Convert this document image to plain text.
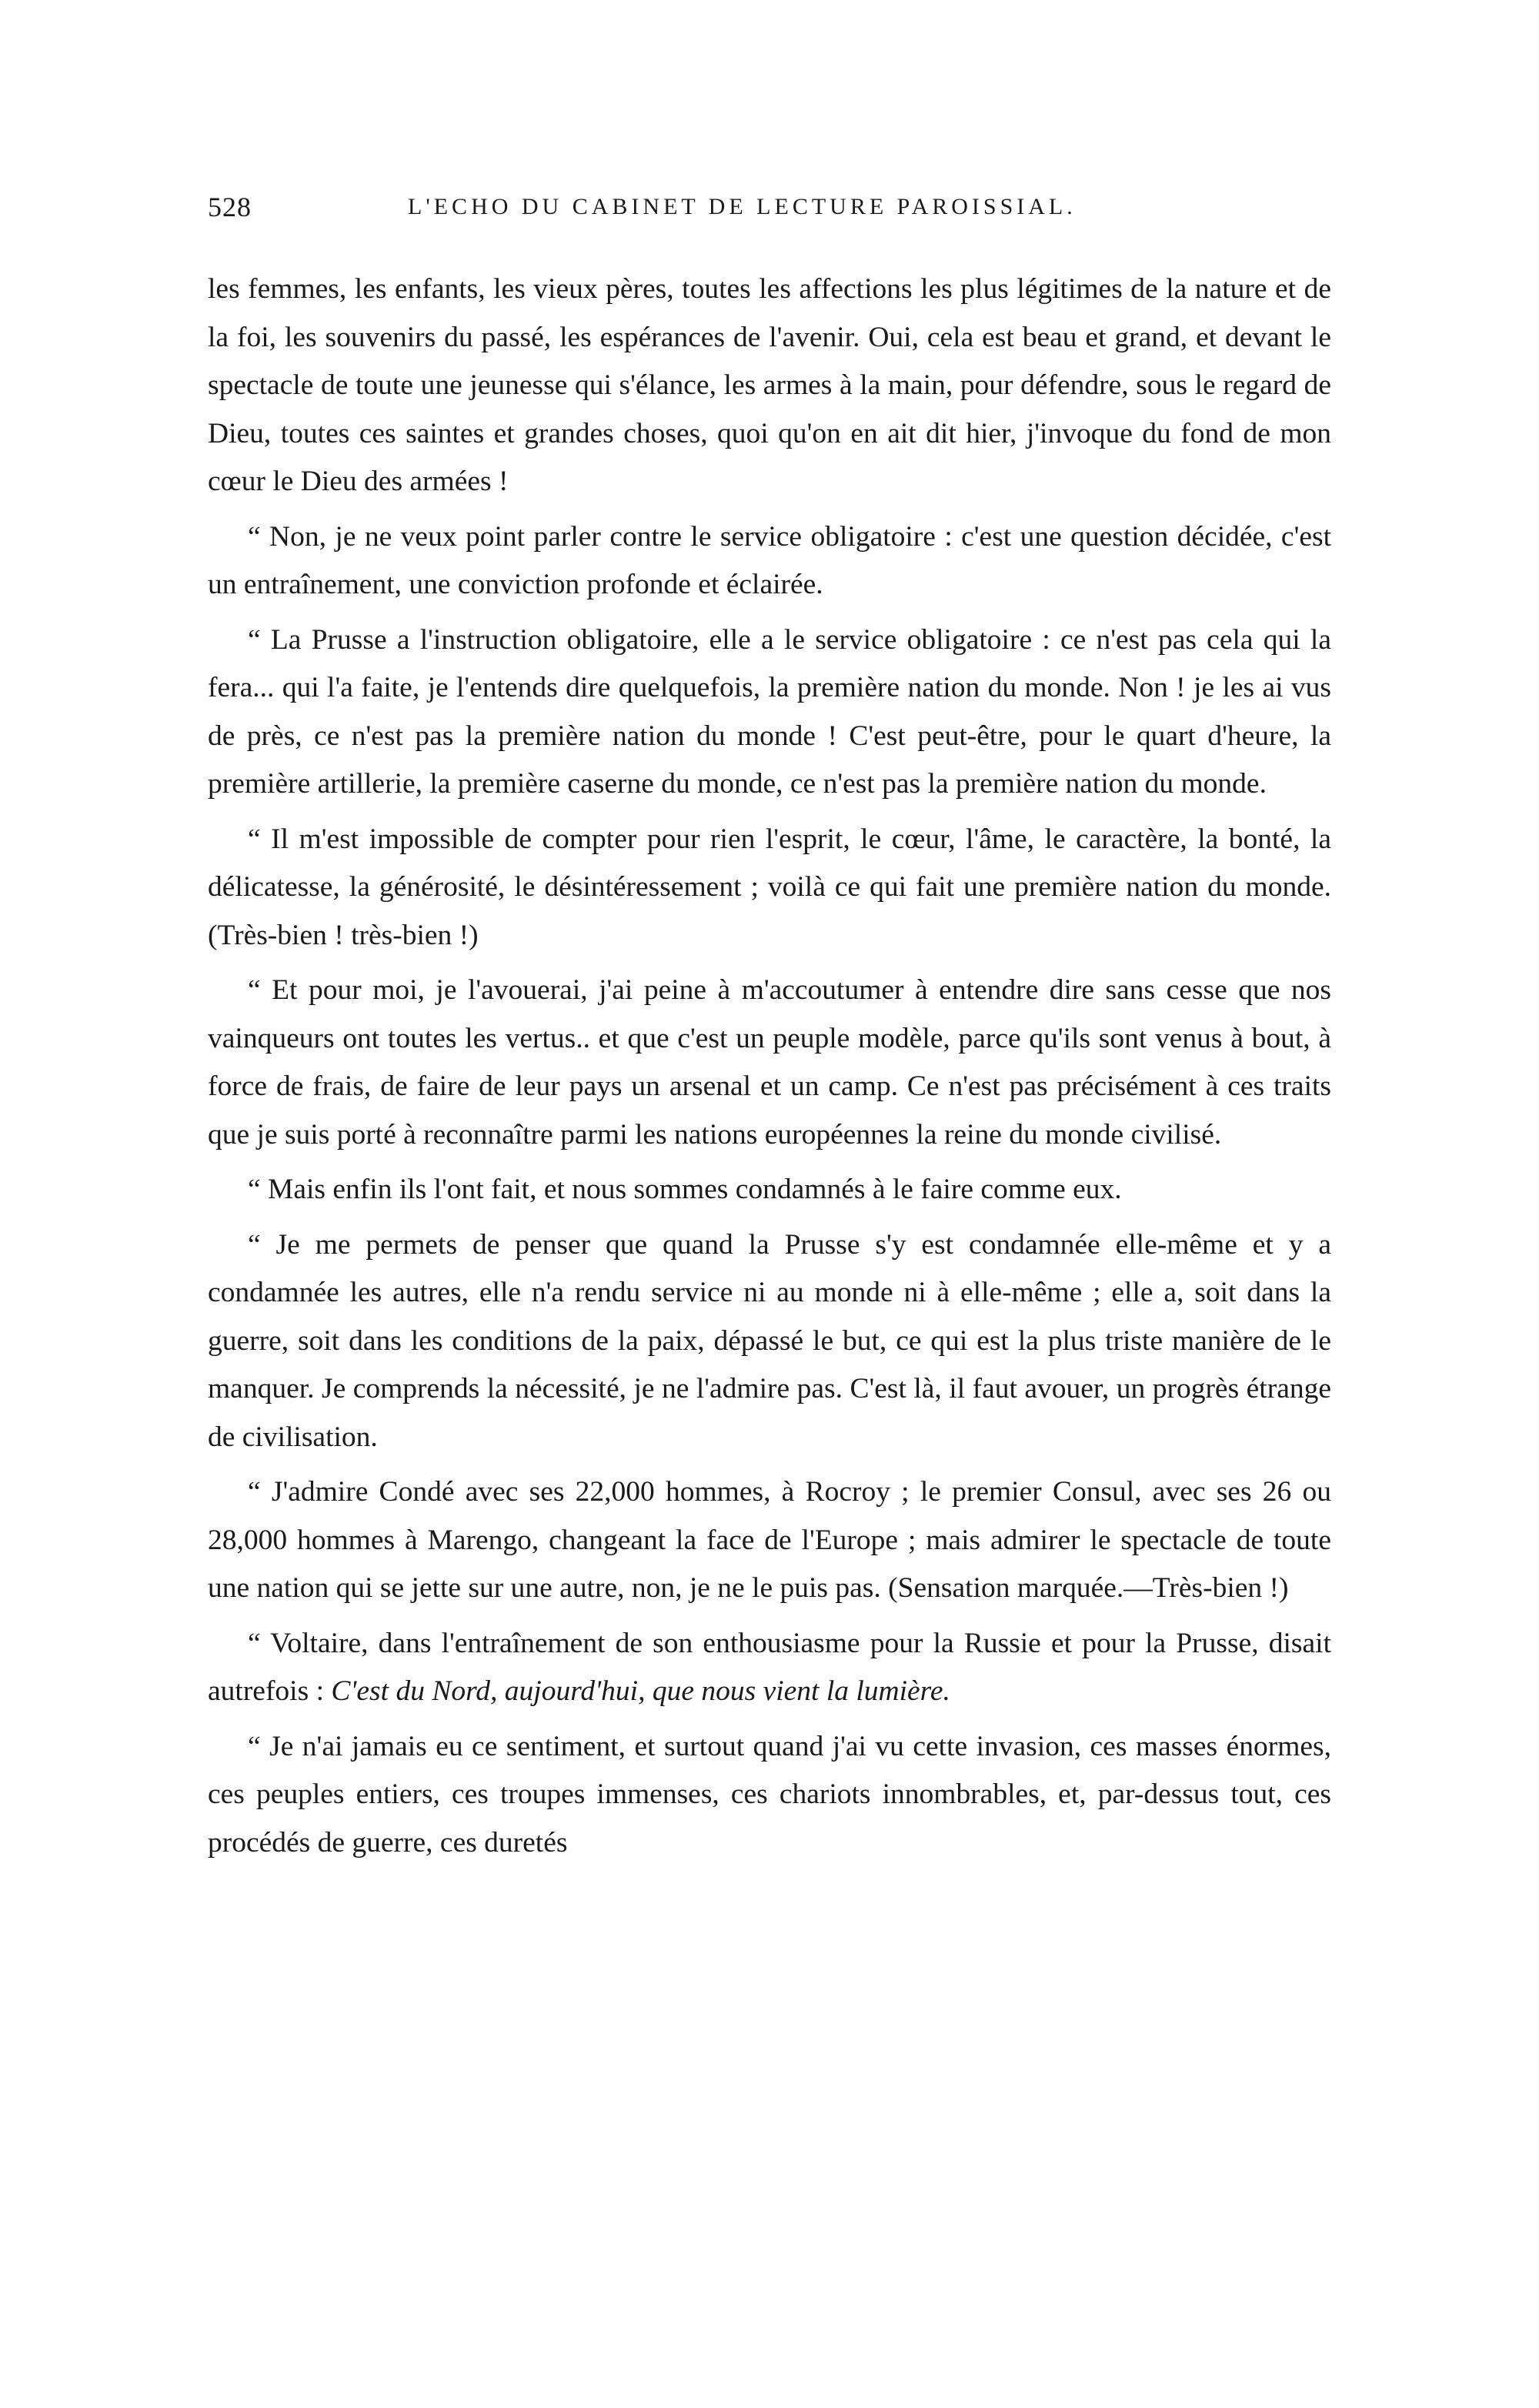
528	L'ECHO DU CABINET DE LECTURE PAROISSIAL.

les femmes, les enfants, les vieux pères, toutes les affections les plus légitimes de la nature et de la foi, les souvenirs du passé, les espérances de l'avenir. Oui, cela est beau et grand, et devant le spectacle de toute une jeunesse qui s'élance, les armes à la main, pour défendre, sous le regard de Dieu, toutes ces saintes et grandes choses, quoi qu'on en ait dit hier, j'invoque du fond de mon cœur le Dieu des armées !

“ Non, je ne veux point parler contre le service obligatoire : c'est une question décidée, c'est un entraînement, une conviction profonde et éclairée.

“ La Prusse a l'instruction obligatoire, elle a le service obligatoire : ce n'est pas cela qui la fera... qui l'a faite, je l'entends dire quelquefois, la première nation du monde. Non ! je les ai vus de près, ce n'est pas la première nation du monde ! C'est peut-être, pour le quart d'heure, la première artillerie, la première caserne du monde, ce n'est pas la première nation du monde.

“ Il m'est impossible de compter pour rien l'esprit, le cœur, l'âme, le caractère, la bonté, la délicatesse, la générosité, le désintéressement ; voilà ce qui fait une première nation du monde. (Très-bien ! très-bien !)

“ Et pour moi, je l'avouerai, j'ai peine à m'accoutumer à entendre dire sans cesse que nos vainqueurs ont toutes les vertus.. et que c'est un peuple modèle, parce qu'ils sont venus à bout, à force de frais, de faire de leur pays un arsenal et un camp. Ce n'est pas précisément à ces traits que je suis porté à reconnaître parmi les nations européennes la reine du monde civilisé.

“ Mais enfin ils l'ont fait, et nous sommes condamnés à le faire comme eux.

“ Je me permets de penser que quand la Prusse s'y est condamnée elle-même et y a condamnée les autres, elle n'a rendu service ni au monde ni à elle-même ; elle a, soit dans la guerre, soit dans les conditions de la paix, dépassé le but, ce qui est la plus triste manière de le manquer. Je comprends la nécessité, je ne l'admire pas. C'est là, il faut avouer, un progrès étrange de civilisation.

“ J'admire Condé avec ses 22,000 hommes, à Rocroy ; le premier Consul, avec ses 26 ou 28,000 hommes à Marengo, changeant la face de l'Europe ; mais admirer le spectacle de toute une nation qui se jette sur une autre, non, je ne le puis pas. (Sensation marquée.—Très-bien !)

“ Voltaire, dans l'entraînement de son enthousiasme pour la Russie et pour la Prusse, disait autrefois : C'est du Nord, aujourd'hui, que nous vient la lumière.

“ Je n'ai jamais eu ce sentiment, et surtout quand j'ai vu cette invasion, ces masses énormes, ces peuples entiers, ces troupes immenses, ces chariots innombrables, et, par-dessus tout, ces procédés de guerre, ces duretés
